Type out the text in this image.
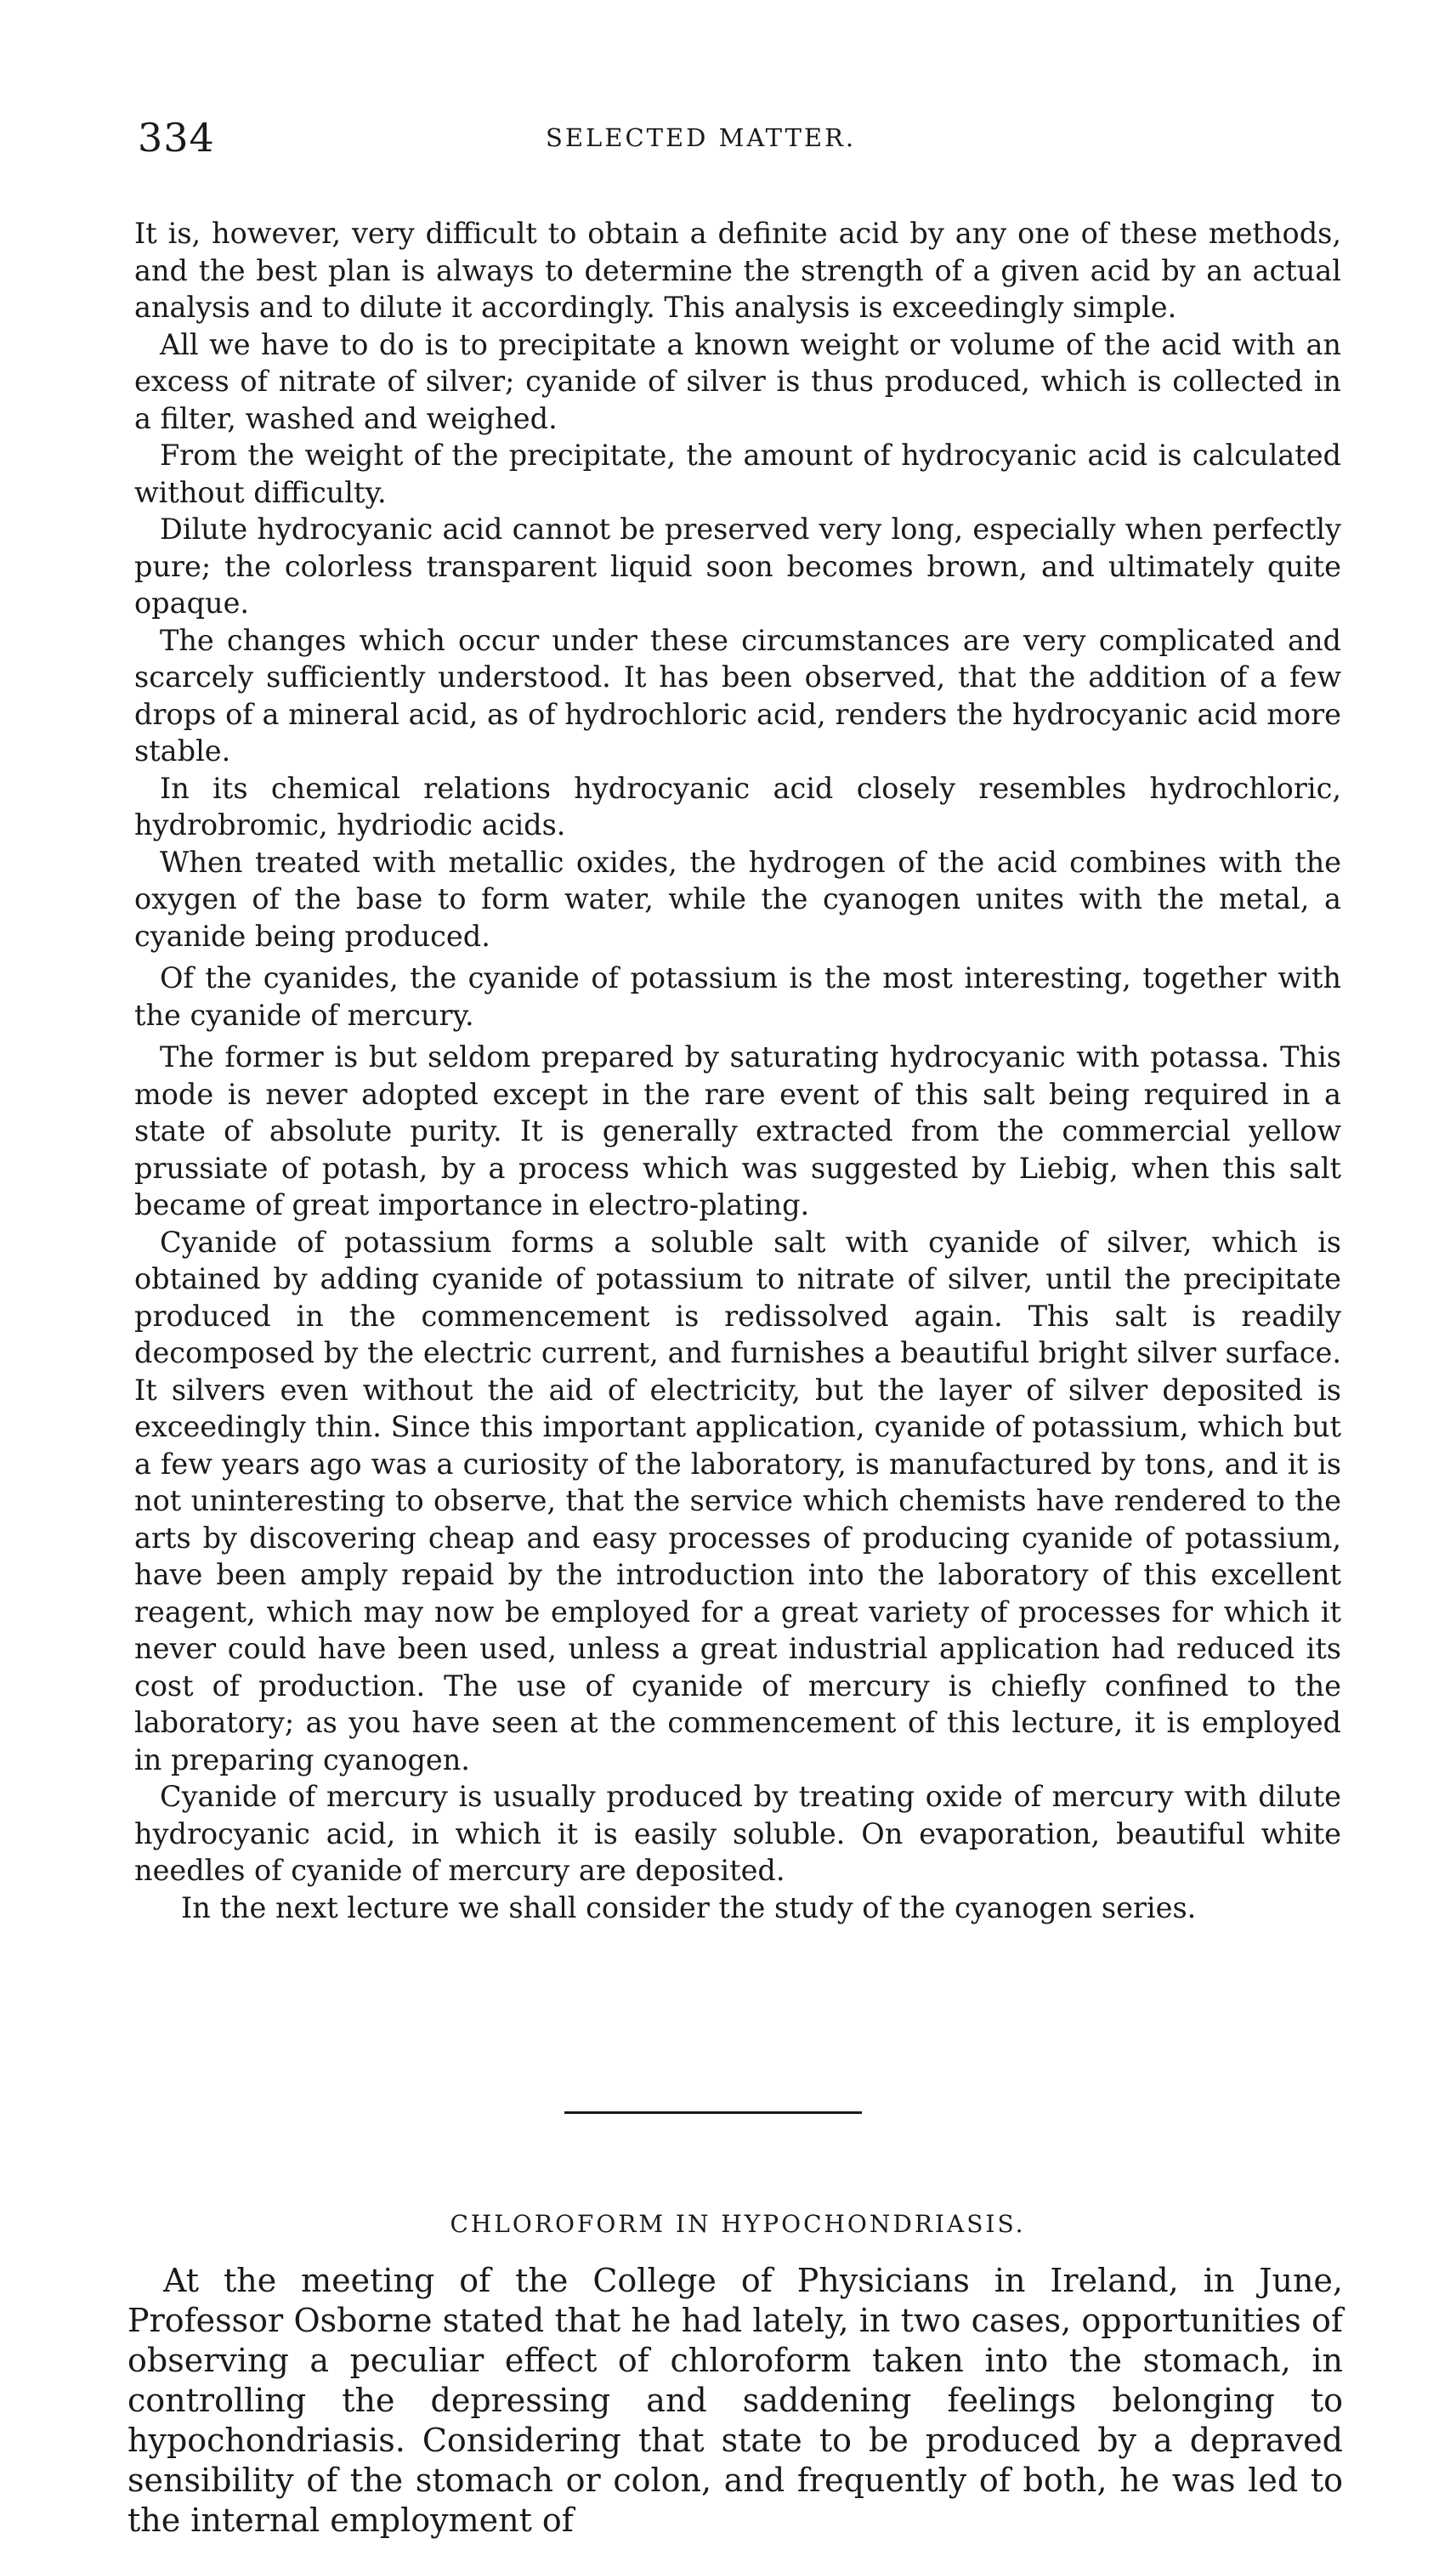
334	SELECTED MATTER.

It is, however, very difficult to obtain a definite acid by any one of these methods, and the best plan is always to determine the strength of a given acid by an actual analysis and to dilute it accordingly. This analysis is exceedingly simple.

All we have to do is to precipitate a known weight or volume of the acid with an excess of nitrate of silver; cyanide of silver is thus produced, which is collected in a filter, washed and weighed.

From the weight of the precipitate, the amount of hydrocyanic acid is calculated without difficulty.

Dilute hydrocyanic acid cannot be preserved very long, especially when perfectly pure; the colorless transparent liquid soon becomes brown, and ultimately quite opaque.

The changes which occur under these circumstances are very complicated and scarcely sufficiently understood. It has been observed, that the addition of a few drops of a mineral acid, as of hydrochloric acid, renders the hydrocyanic acid more stable.

In its chemical relations hydrocyanic acid closely resembles hydrochloric, hydrobromic, hydriodic acids.

When treated with metallic oxides, the hydrogen of the acid combines with the oxygen of the base to form water, while the cyanogen unites with the metal, a cyanide being produced.

Of the cyanides, the cyanide of potassium is the most interesting, together with the cyanide of mercury.

The former is but seldom prepared by saturating hydrocyanic with potassa. This mode is never adopted except in the rare event of this salt being required in a state of absolute purity. It is generally extracted from the commercial yellow prussiate of potash, by a process which was suggested by Liebig, when this salt became of great importance in electro-plating.

Cyanide of potassium forms a soluble salt with cyanide of silver, which is obtained by adding cyanide of potassium to nitrate of silver, until the precipitate produced in the commencement is redissolved again. This salt is readily decomposed by the electric current, and furnishes a beautiful bright silver surface. It silvers even without the aid of electricity, but the layer of silver deposited is exceedingly thin. Since this important application, cyanide of potassium, which but a few years ago was a curiosity of the laboratory, is manufactured by tons, and it is not uninteresting to observe, that the service which chemists have rendered to the arts by discovering cheap and easy processes of producing cyanide of potassium, have been amply repaid by the introduction into the laboratory of this excellent reagent, which may now be employed for a great variety of processes for which it never could have been used, unless a great industrial application had reduced its cost of production. The use of cyanide of mercury is chiefly confined to the laboratory; as you have seen at the commencement of this lecture, it is employed in preparing cyanogen.

Cyanide of mercury is usually produced by treating oxide of mercury with dilute hydrocyanic acid, in which it is easily soluble. On evaporation, beautiful white needles of cyanide of mercury are deposited.

In the next lecture we shall consider the study of the cyanogen series.

CHLOROFORM IN HYPOCHONDRIASIS.

At the meeting of the College of Physicians in Ireland, in June, Professor Osborne stated that he had lately, in two cases, opportunities of observing a peculiar effect of chloroform taken into the stomach, in controlling the depressing and saddening feelings belonging to hypochondriasis. Considering that state to be produced by a depraved sensibility of the stomach or colon, and frequently of both, he was led to the internal employment of
